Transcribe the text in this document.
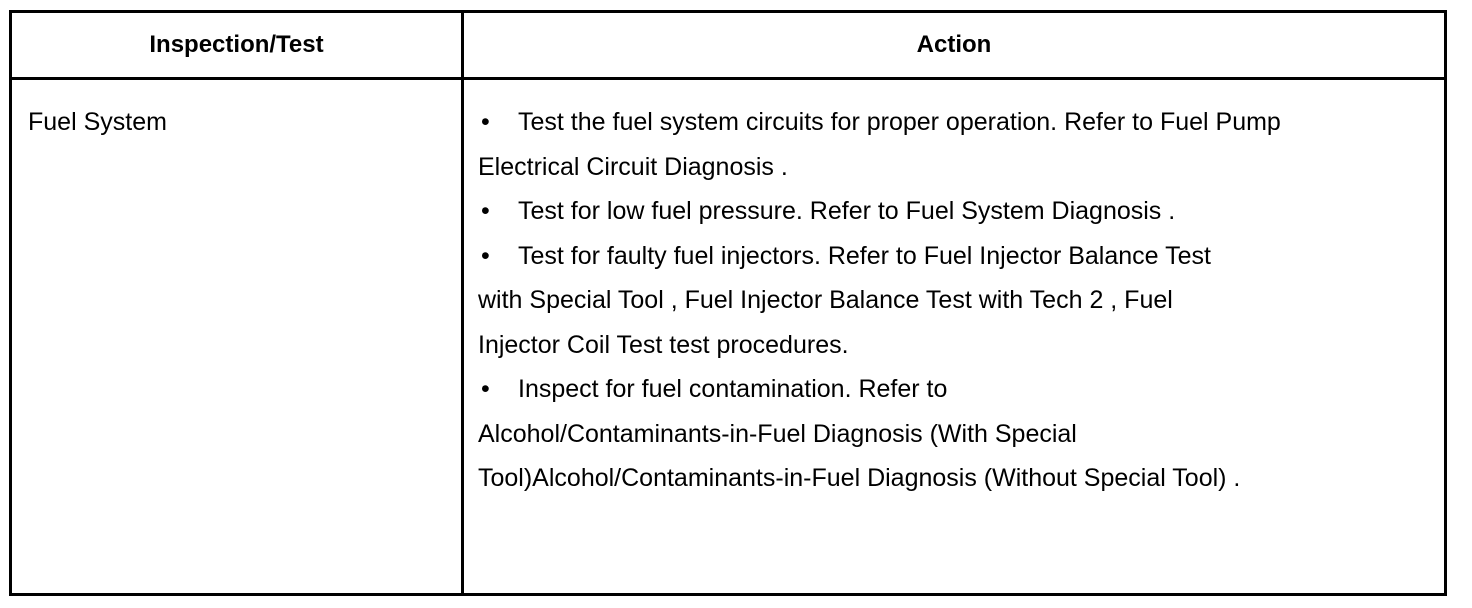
Inspection/Test	Action
Fuel System	• Test the fuel system circuits for proper operation. Refer to Fuel Pump
Electrical Circuit Diagnosis .
• Test for low fuel pressure. Refer to Fuel System Diagnosis .
• Test for faulty fuel injectors. Refer to Fuel Injector Balance Test
with Special Tool , Fuel Injector Balance Test with Tech 2 , Fuel
Injector Coil Test test procedures.
• Inspect for fuel contamination. Refer to
Alcohol/Contaminants-in-Fuel Diagnosis (With Special
Tool)Alcohol/Contaminants-in-Fuel Diagnosis (Without Special Tool) .
